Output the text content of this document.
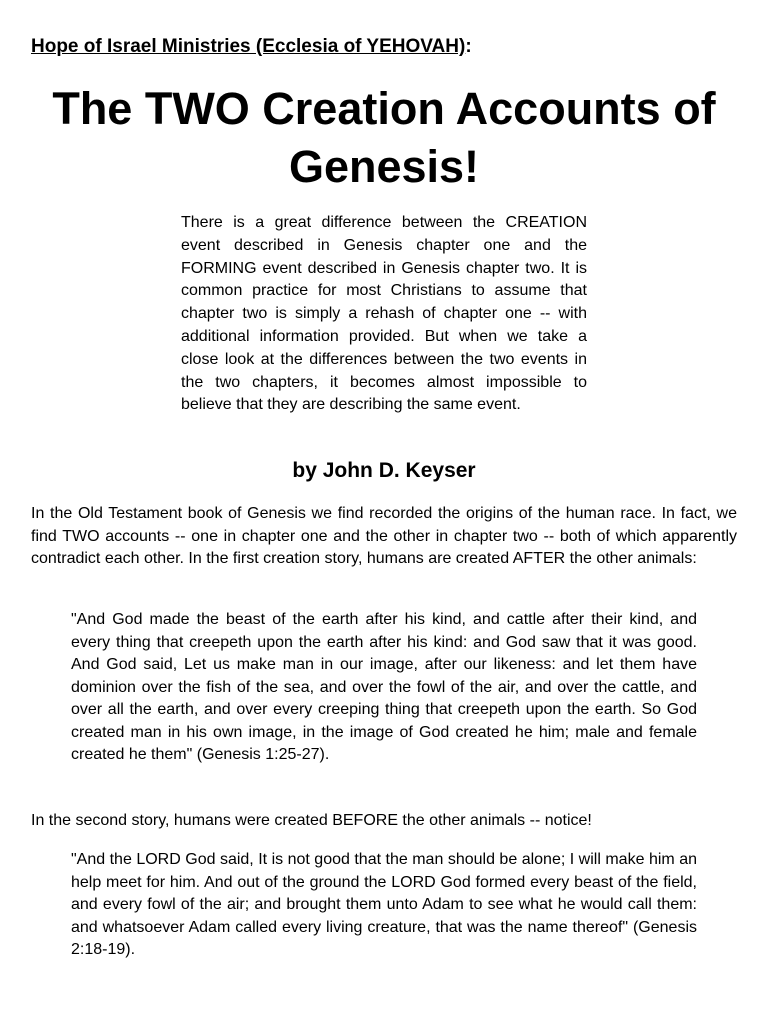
Hope of Israel Ministries (Ecclesia of YEHOVAH):
The TWO Creation Accounts of Genesis!

There is a great difference between the CREATION event described in Genesis chapter one and the FORMING event described in Genesis chapter two. It is common practice for most Christians to assume that chapter two is simply a rehash of chapter one -- with additional information provided. But when we take a close look at the differences between the two events in the two chapters, it becomes almost impossible to believe that they are describing the same event.

by John D. Keyser

In the Old Testament book of Genesis we find recorded the origins of the human race. In fact, we find TWO accounts -- one in chapter one and the other in chapter two -- both of which apparently contradict each other. In the first creation story, humans are created AFTER the other animals:

"And God made the beast of the earth after his kind, and cattle after their kind, and every thing that creepeth upon the earth after his kind: and God saw that it was good. And God said, Let us make man in our image, after our likeness: and let them have dominion over the fish of the sea, and over the fowl of the air, and over the cattle, and over all the earth, and over every creeping thing that creepeth upon the earth. So God created man in his own image, in the image of God created he him; male and female created he them" (Genesis 1:25-27).

In the second story, humans were created BEFORE the other animals -- notice!

"And the LORD God said, It is not good that the man should be alone; I will make him an help meet for him. And out of the ground the LORD God formed every beast of the field, and every fowl of the air; and brought them unto Adam to see what he would call them: and whatsoever Adam called every living creature, that was the name thereof" (Genesis 2:18-19).
